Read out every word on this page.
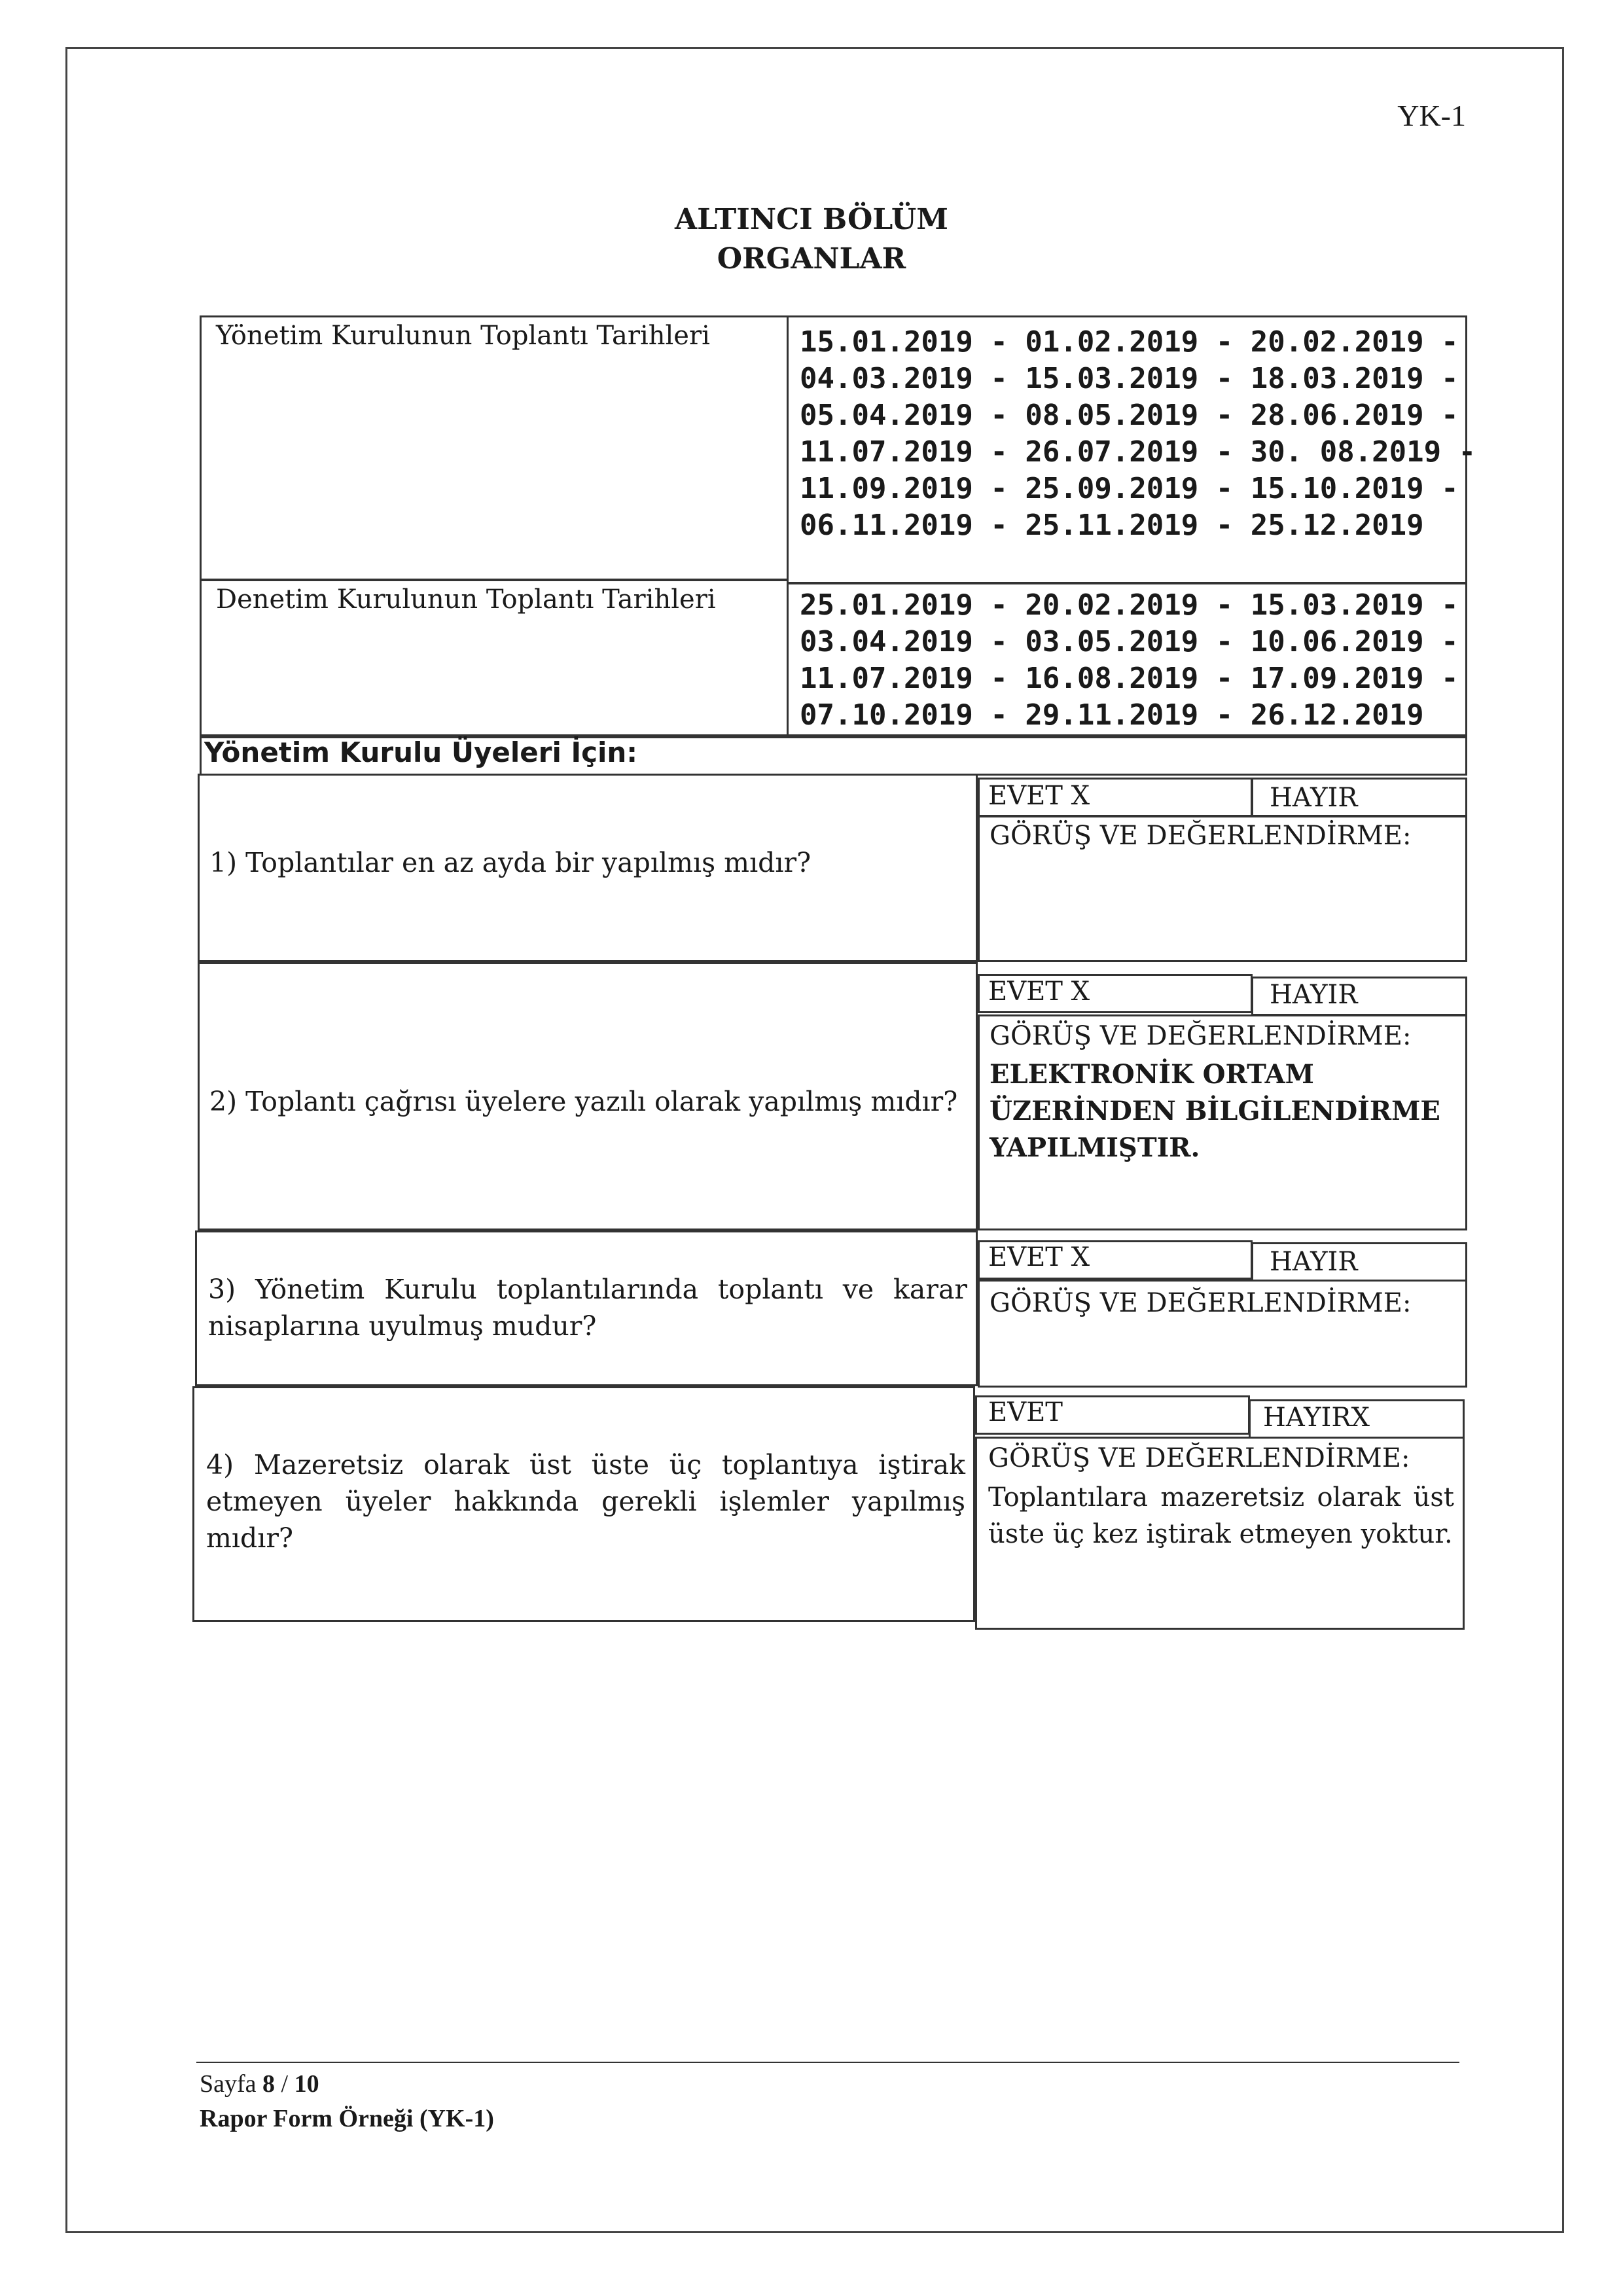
YK-1
ALTINCI BÖLÜM
ORGANLAR
Yönetim Kurulunun Toplantı Tarihleri	15.01.2019 - 01.02.2019 - 20.02.2019 -
04.03.2019 - 15.03.2019 - 18.03.2019 -
05.04.2019 - 08.05.2019 - 28.06.2019 -
11.07.2019 - 26.07.2019 - 30. 08.2019 -
11.09.2019 - 25.09.2019 - 15.10.2019 -
06.11.2019 - 25.11.2019 - 25.12.2019
Denetim Kurulunun Toplantı Tarihleri	25.01.2019 - 20.02.2019 - 15.03.2019 -
03.04.2019 - 03.05.2019 - 10.06.2019 -
11.07.2019 - 16.08.2019 - 17.09.2019 -
07.10.2019 - 29.11.2019 - 26.12.2019
Yönetim Kurulu Üyeleri İçin:
1) Toplantılar en az ayda bir yapılmış mıdır?
EVET X	HAYIR
GÖRÜŞ VE DEĞERLENDİRME:
2) Toplantı çağrısı üyelere yazılı olarak yapılmış mıdır?
EVET X	HAYIR
GÖRÜŞ VE DEĞERLENDİRME:
ELEKTRONİK ORTAM
ÜZERİNDEN BİLGİLENDİRME
YAPILMIŞTIR.
3) Yönetim Kurulu toplantılarında toplantı ve karar nisaplarına uyulmuş mudur?
EVET X	HAYIR
GÖRÜŞ VE DEĞERLENDİRME:
4) Mazeretsiz olarak üst üste üç toplantıya iştirak etmeyen üyeler hakkında gerekli işlemler yapılmış mıdır?
EVET	HAYIRX
GÖRÜŞ VE DEĞERLENDİRME:
Toplantılara mazeretsiz olarak üst üste üç kez iştirak etmeyen yoktur.
Sayfa 8 / 10
Rapor Form Örneği (YK-1)
